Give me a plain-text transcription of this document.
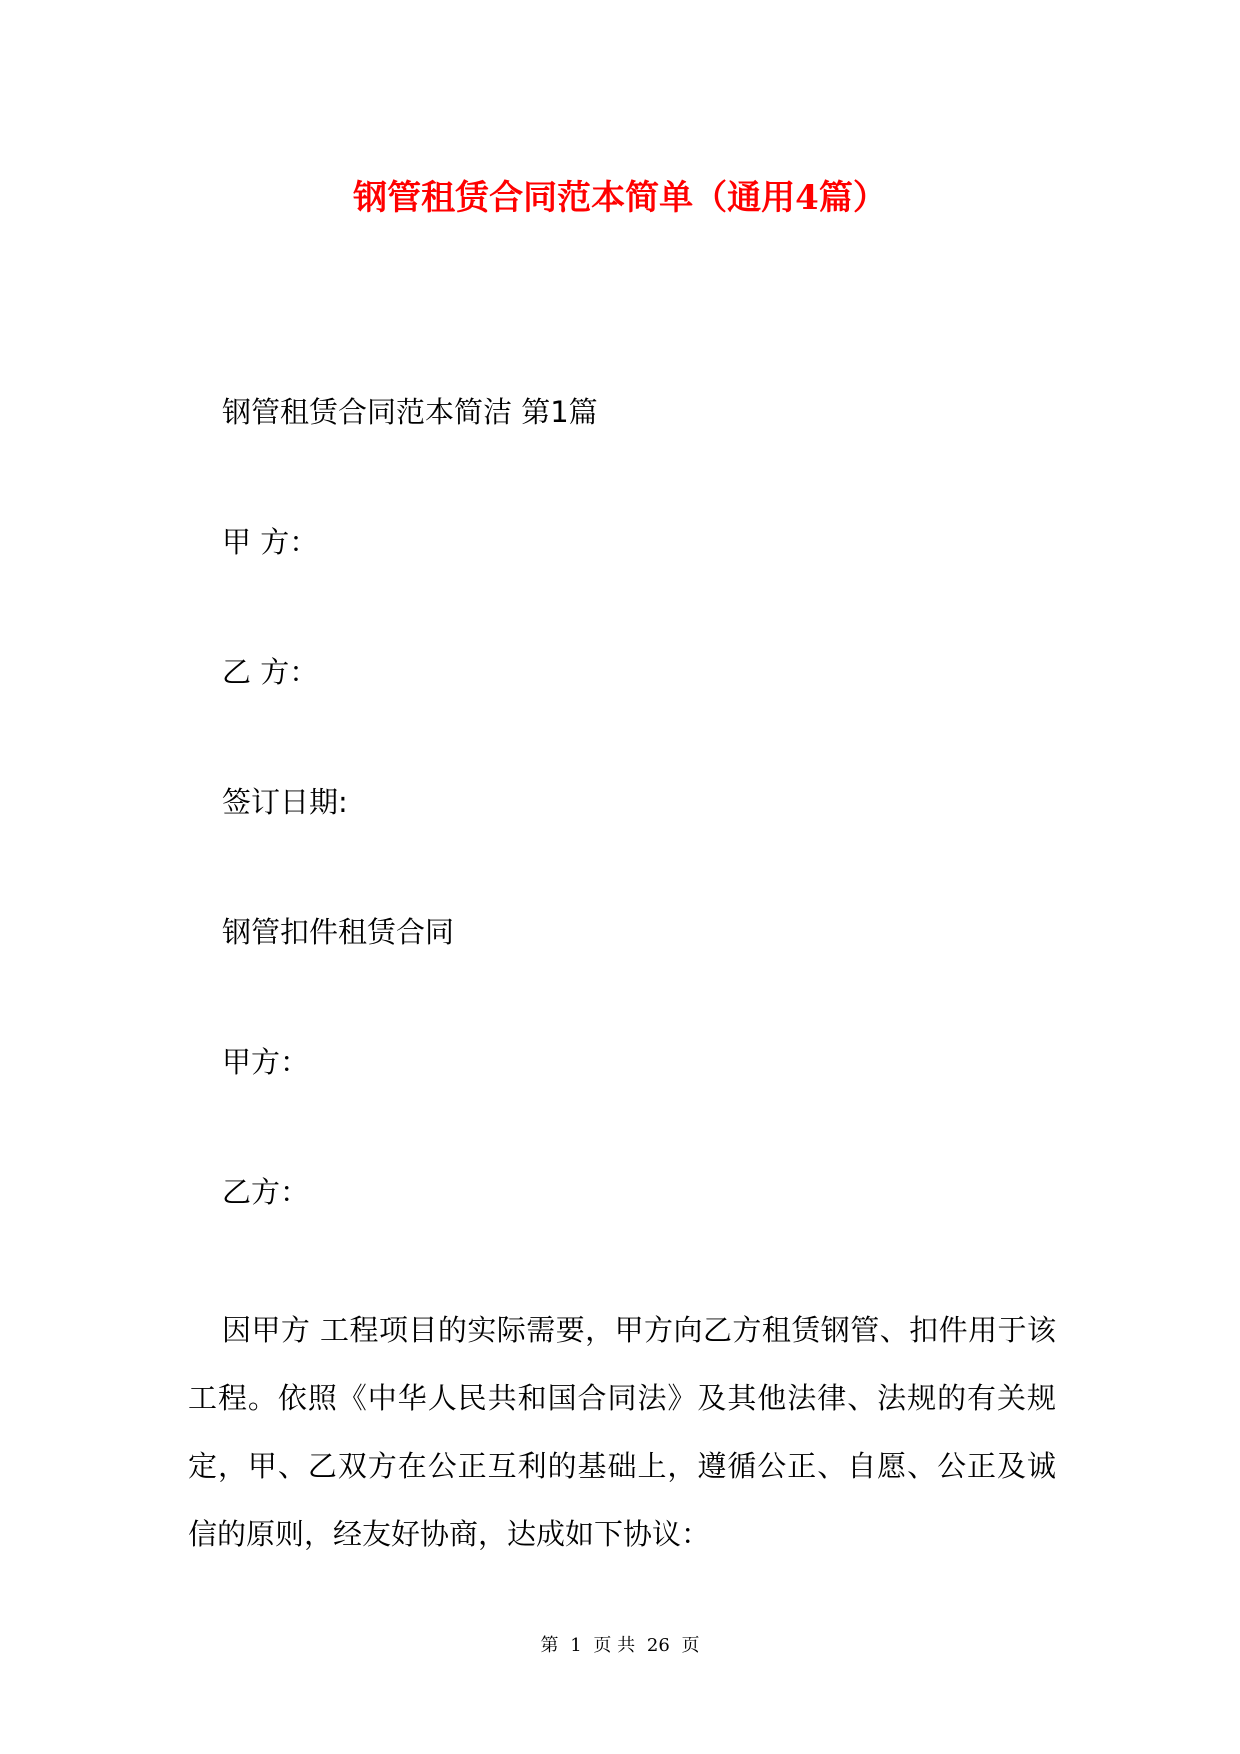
钢管租赁合同范本简单（通用4篇）

钢管租赁合同范本简洁 第1篇

甲 方：

乙 方：

签订日期:

钢管扣件租赁合同

甲方：

乙方：

因甲方 工程项目的实际需要，甲方向乙方租赁钢管、扣件用于该工程。依照《中华人民共和国合同法》及其他法律、法规的有关规定，甲、乙双方在公正互利的基础上，遵循公正、自愿、公正及诚信的原则，经友好协商，达成如下协议：

第 1 页 共 26 页
